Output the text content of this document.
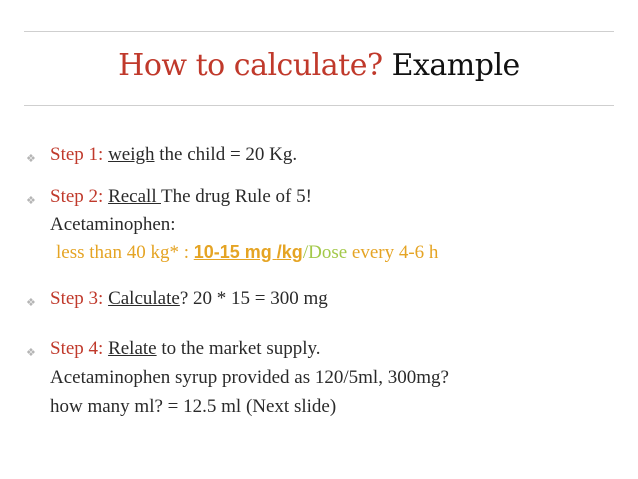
How to calculate? Example
❖ Step 1: weigh the child = 20 Kg.
❖ Step 2: Recall The drug Rule of 5!
Acetaminophen:
less than 40 kg* : 10-15 mg /kg/Dose every 4-6 h
❖ Step 3: Calculate? 20 * 15 = 300 mg
❖ Step 4: Relate to the market supply.
Acetaminophen syrup provided as 120/5ml, 300mg?
how many ml? = 12.5 ml (Next slide)
